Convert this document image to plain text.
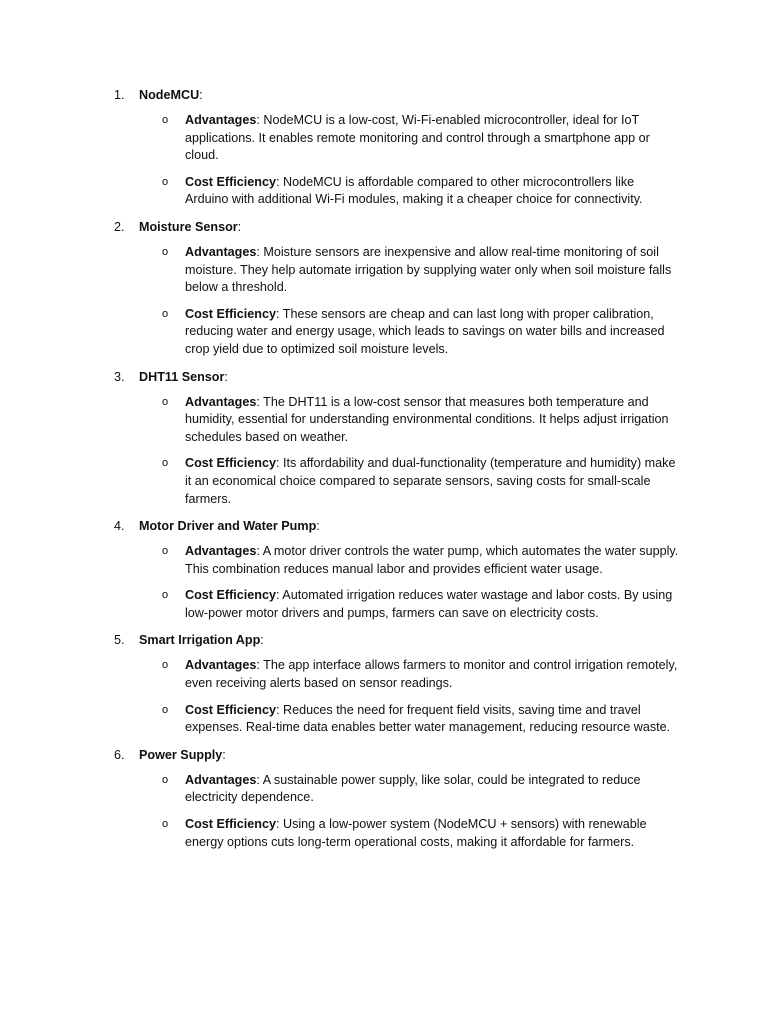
1.	NodeMCU:
o Advantages: NodeMCU is a low-cost, Wi-Fi-enabled microcontroller, ideal for IoT applications. It enables remote monitoring and control through a smartphone app or cloud.
o Cost Efficiency: NodeMCU is affordable compared to other microcontrollers like Arduino with additional Wi-Fi modules, making it a cheaper choice for connectivity.
2.	Moisture Sensor:
o Advantages: Moisture sensors are inexpensive and allow real-time monitoring of soil moisture. They help automate irrigation by supplying water only when soil moisture falls below a threshold.
o Cost Efficiency: These sensors are cheap and can last long with proper calibration, reducing water and energy usage, which leads to savings on water bills and increased crop yield due to optimized soil moisture levels.
3.	DHT11 Sensor:
o Advantages: The DHT11 is a low-cost sensor that measures both temperature and humidity, essential for understanding environmental conditions. It helps adjust irrigation schedules based on weather.
o Cost Efficiency: Its affordability and dual-functionality (temperature and humidity) make it an economical choice compared to separate sensors, saving costs for small-scale farmers.
4.	Motor Driver and Water Pump:
o Advantages: A motor driver controls the water pump, which automates the water supply. This combination reduces manual labor and provides efficient water usage.
o Cost Efficiency: Automated irrigation reduces water wastage and labor costs. By using low-power motor drivers and pumps, farmers can save on electricity costs.
5.	Smart Irrigation App:
o Advantages: The app interface allows farmers to monitor and control irrigation remotely, even receiving alerts based on sensor readings.
o Cost Efficiency: Reduces the need for frequent field visits, saving time and travel expenses. Real-time data enables better water management, reducing resource waste.
6.	Power Supply:
o Advantages: A sustainable power supply, like solar, could be integrated to reduce electricity dependence.
o Cost Efficiency: Using a low-power system (NodeMCU + sensors) with renewable energy options cuts long-term operational costs, making it affordable for farmers.
